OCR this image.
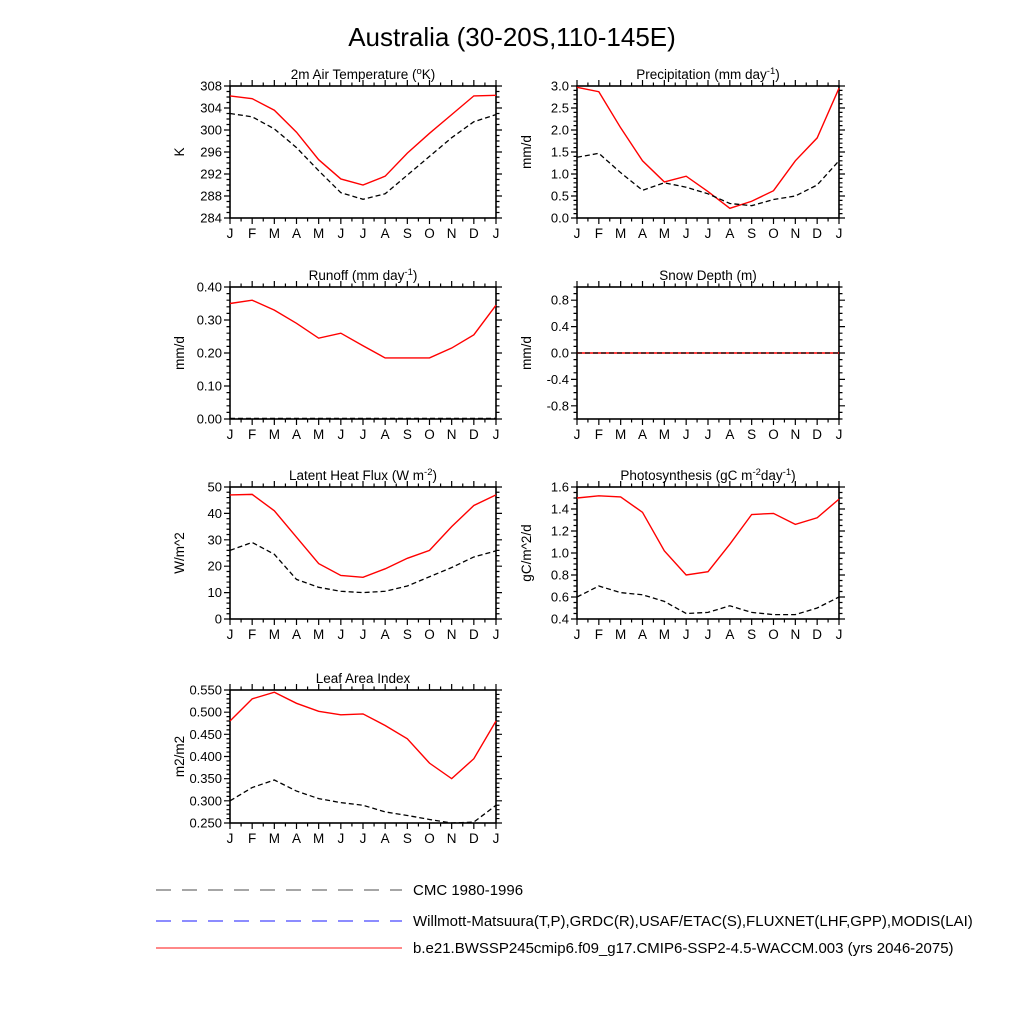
Australia (30-20S,110-145E)
284
288
292
296
300
304
308
J F M A M J J A S O N D J
2m Air Temperature ($^o$K)
K
0.0
0.5
1.0
1.5
2.0
2.5
3.0
J F M A M J J A S O N D J
Precipitation (mm day$^{-1}$)
mm/d
0.00
0.10
0.20
0.30
0.40
J F M A M J J A S O N D J
Runoff (mm day$^{-1}$)
mm/d
-0.8
-0.4
0.0
0.4
0.8
J F M A M J J A S O N D J
Snow Depth (m)
mm/d
0
10
20
30
40
50
J F M A M J J A S O N D J
Latent Heat Flux (W $m^{-2}$)
W/m^2
0.4
0.6
0.8
1.0
1.2
1.4
1.6
J F M A M J J A S O N D J
Photosynthesis (gC $m^{-2}day^{-1}$)
gC/m^2/d
0.250
0.300
0.350
0.400
0.450
0.500
0.550
J F M A M J J A S O N D J
Leaf Area Index
m2/m2
CMC 1980-1996
Willmott-Matsuura(T,P),GRDC(R),USAF/ETAC(S),FLUXNET(LHF,GPP),MODIS(LAI)
b.e21.BWSSP245cmip6.f09_g17.CMIP6-SSP2-4.5-WACCM.003 (yrs 2046-2075)
